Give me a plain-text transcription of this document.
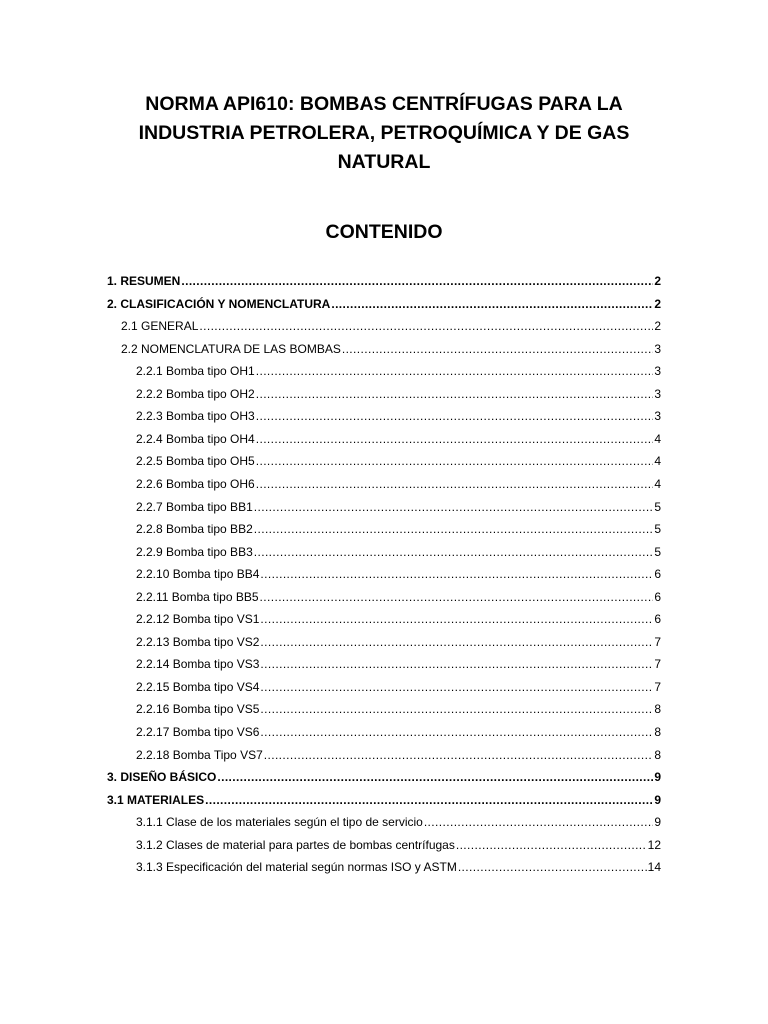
NORMA API610: BOMBAS CENTRÍFUGAS PARA LA
INDUSTRIA PETROLERA, PETROQUÍMICA Y DE GAS
NATURAL
CONTENIDO
1. RESUMEN .....	2
2. CLASIFICACIÓN Y NOMENCLATURA .....	2
2.1 GENERAL .....	2
2.2 NOMENCLATURA DE LAS BOMBAS .....	3
2.2.1 Bomba tipo OH1 .....	3
2.2.2 Bomba tipo OH2 .....	3
2.2.3 Bomba tipo OH3 .....	3
2.2.4 Bomba tipo OH4 .....	4
2.2.5 Bomba tipo OH5 .....	4
2.2.6 Bomba tipo OH6 .....	4
2.2.7 Bomba tipo BB1 .....	5
2.2.8 Bomba tipo BB2 .....	5
2.2.9 Bomba tipo BB3 .....	5
2.2.10 Bomba tipo BB4 .....	6
2.2.11 Bomba tipo BB5 .....	6
2.2.12 Bomba tipo VS1 .....	6
2.2.13 Bomba tipo VS2 .....	7
2.2.14 Bomba tipo VS3 .....	7
2.2.15 Bomba tipo VS4 .....	7
2.2.16 Bomba tipo VS5 .....	8
2.2.17 Bomba tipo VS6 .....	8
2.2.18 Bomba Tipo VS7 .....	8
3. DISEÑO BÁSICO .....	9
3.1 MATERIALES .....	9
3.1.1 Clase de los materiales según el tipo de servicio .....	9
3.1.2 Clases de material para partes de bombas centrífugas .....	12
3.1.3 Especificación del material según normas ISO y ASTM .....	14
